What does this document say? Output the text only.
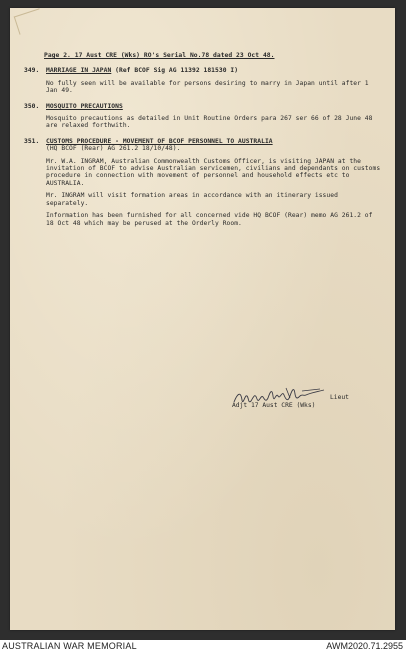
Page 2. 17 Aust CRE (Wks) RO's Serial No.78 dated 23 Oct 48.
349. MARRIAGE IN JAPAN (Ref BCOF Sig AG 11392 181530 I)
No fully seen will be available for persons desiring to marry in Japan until after 1 Jan 49.
350. MOSQUITO PRECAUTIONS
Mosquito precautions as detailed in Unit Routine Orders para 267 ser 66 of 28 June 48 are relaxed forthwith.
351. CUSTOMS PROCEDURE - MOVEMENT OF BCOF PERSONNEL TO AUSTRALIA
(HQ BCOF (Rear) AG 261.2 18/10/48).
Mr. W.A. INGRAM, Australian Commonwealth Customs Officer, is visiting JAPAN at the invitation of BCOF to advise Australian servicemen, civilians and dependants on customs procedure in connection with movement of personnel and household effects etc to AUSTRALIA.
Mr. INGRAM will visit formation areas in accordance with an itinerary issued separately.
Information has been furnished for all concerned vide HQ BCOF (Rear) memo AG 261.2 of 18 Oct 48 which may be perused at the Orderly Room.
Lieut
Adjt 17 Aust CRE (Wks)
AUSTRALIAN WAR MEMORIAL	AWM2020.71.2955
